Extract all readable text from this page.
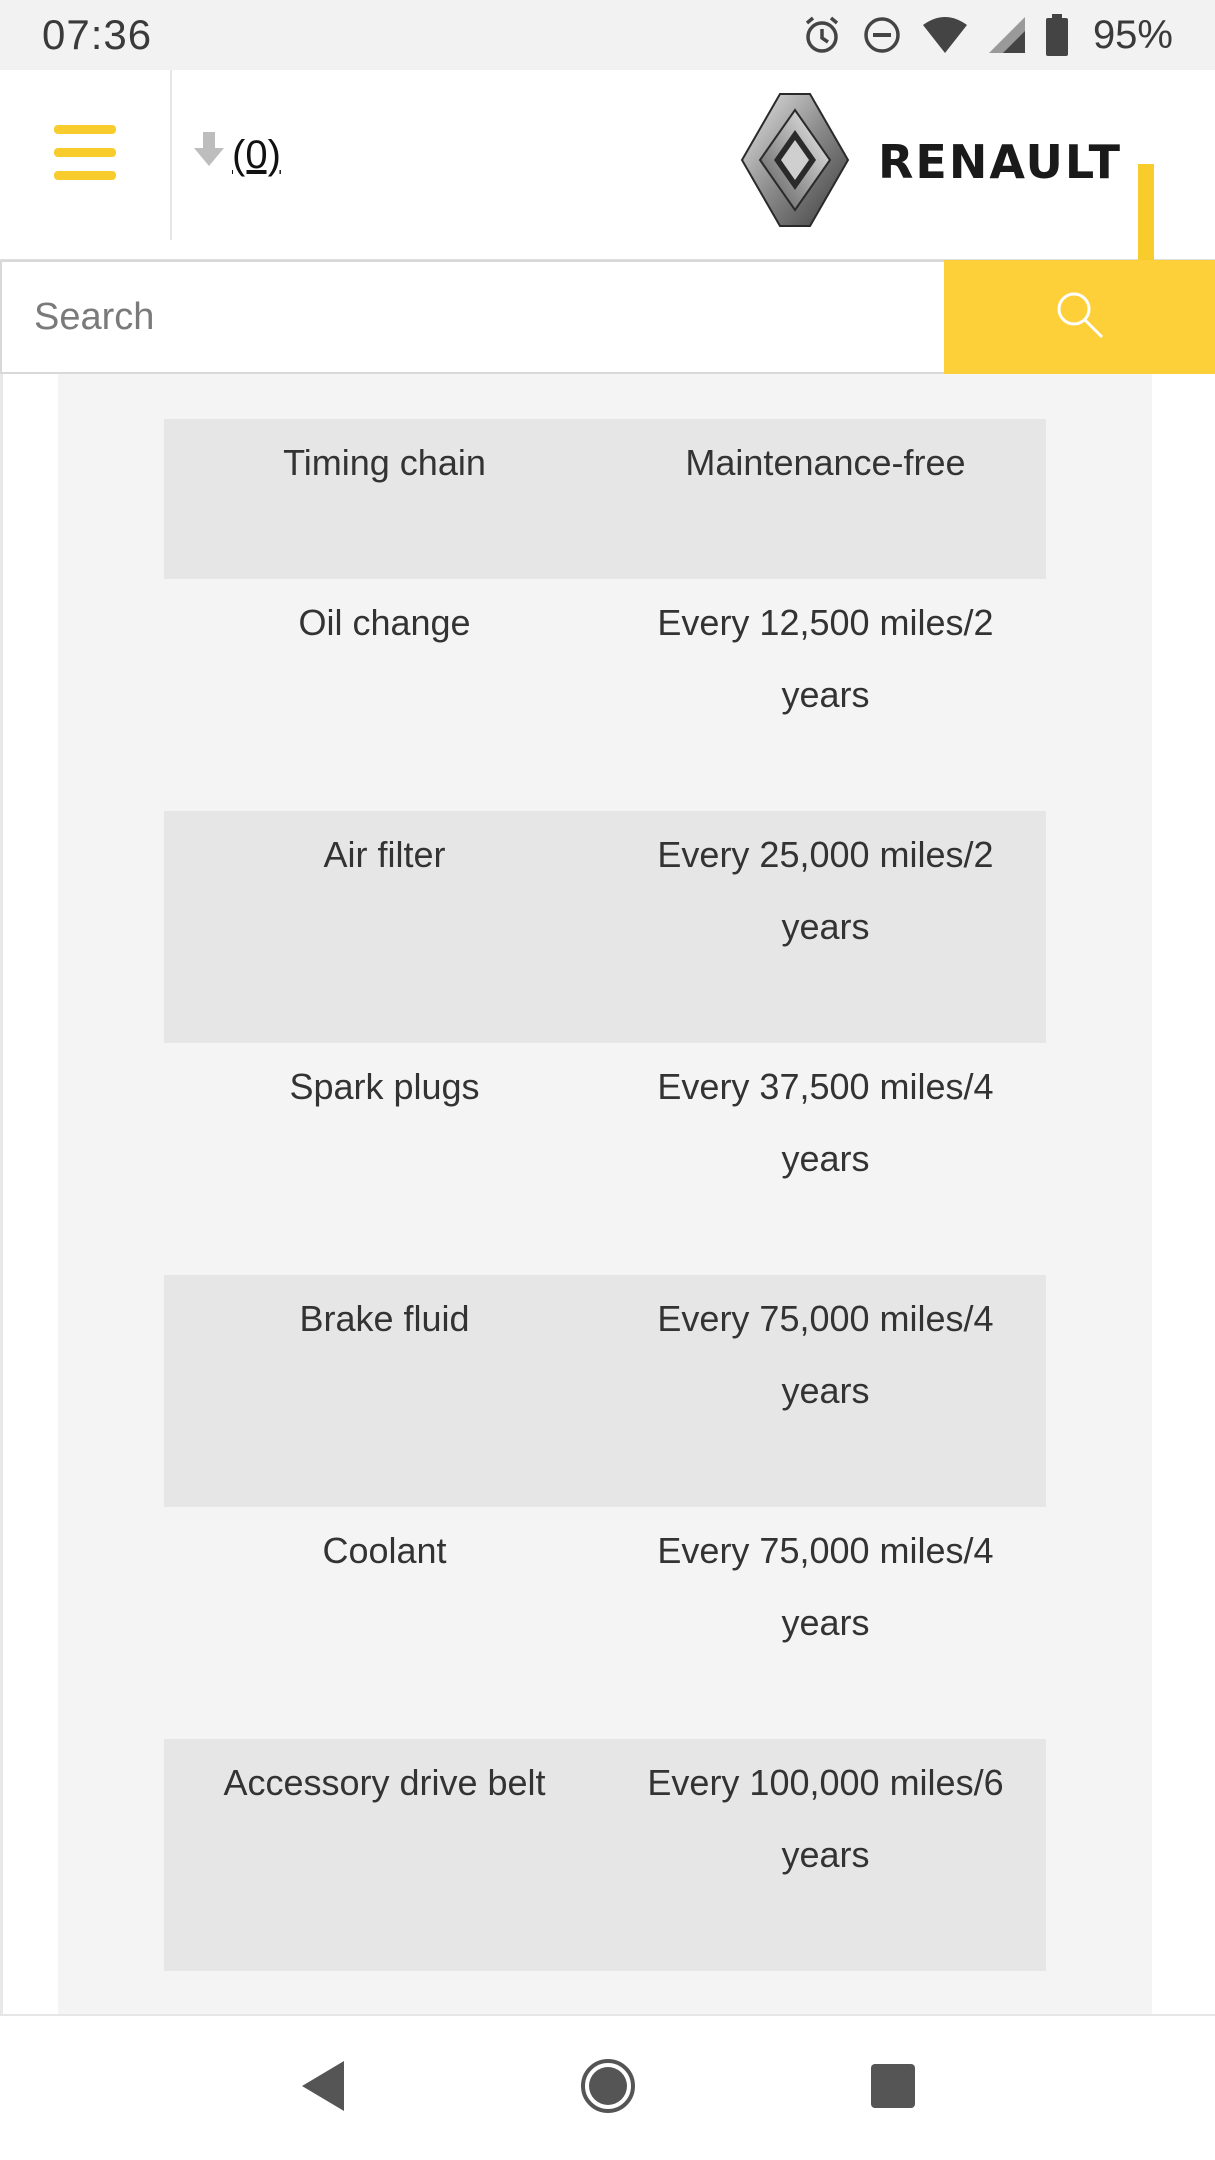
07:36	95%
(0)	RENAULT
Search
Timing chain	Maintenance-free
Oil change	Every 12,500 miles/2 years
Air filter	Every 25,000 miles/2 years
Spark plugs	Every 37,500 miles/4 years
Brake fluid	Every 75,000 miles/4 years
Coolant	Every 75,000 miles/4 years
Accessory drive belt	Every 100,000 miles/6 years
